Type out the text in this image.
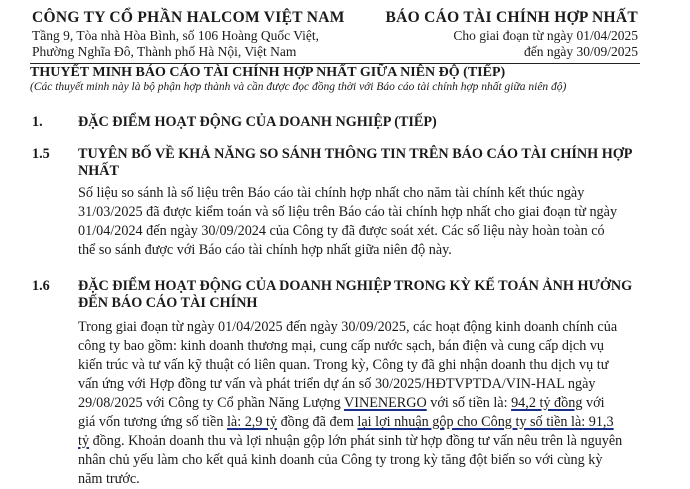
CÔNG TY CỔ PHẦN HALCOM VIỆT NAM
Tầng 9, Tòa nhà Hòa Bình, số 106 Hoàng Quốc Việt,
Phường Nghĩa Đô, Thành phố Hà Nội, Việt Nam
BÁO CÁO TÀI CHÍNH HỢP NHẤT
Cho giai đoạn từ ngày 01/04/2025
đến ngày 30/09/2025
THUYẾT MINH BÁO CÁO TÀI CHÍNH HỢP NHẤT GIỮA NIÊN ĐỘ (TIẾP)
(Các thuyết minh này là bộ phận hợp thành và cần được đọc đồng thời với Báo cáo tài chính hợp nhất giữa niên độ)
1. ĐẶC ĐIỂM HOẠT ĐỘNG CỦA DOANH NGHIỆP (TIẾP)
1.5 TUYÊN BỐ VỀ KHẢ NĂNG SO SÁNH THÔNG TIN TRÊN BÁO CÁO TÀI CHÍNH HỢP
NHẤT
Số liệu so sánh là số liệu trên Báo cáo tài chính hợp nhất cho năm tài chính kết thúc ngày
31/03/2025 đã được kiểm toán và số liệu trên Báo cáo tài chính hợp nhất cho giai đoạn từ ngày
01/04/2024 đến ngày 30/09/2024 của Công ty đã được soát xét. Các số liệu này hoàn toàn có
thể so sánh được với Báo cáo tài chính hợp nhất giữa niên độ này.
1.6 ĐẶC ĐIỂM HOẠT ĐỘNG CỦA DOANH NGHIỆP TRONG KỲ KẾ TOÁN ẢNH HƯỞNG
ĐẾN BÁO CÁO TÀI CHÍNH
Trong giai đoạn từ ngày 01/04/2025 đến ngày 30/09/2025, các hoạt động kinh doanh chính của
công ty bao gồm: kinh doanh thương mại, cung cấp nước sạch, bán điện và cung cấp dịch vụ
kiến trúc và tư vấn kỹ thuật có liên quan. Trong kỳ, Công ty đã ghi nhận doanh thu dịch vụ tư
vấn ứng với Hợp đồng tư vấn và phát triển dự án số 30/2025/HĐTVPTDA/VIN-HAL ngày
29/08/2025 với Công ty Cổ phần Năng Lượng VINENERGO với số tiền là: 94,2 tỷ đồng với
giá vốn tương ứng số tiền là: 2,9 tỷ đồng đã đem lại lợi nhuận gộp cho Công ty số tiền là: 91,3
tỷ đồng. Khoản doanh thu và lợi nhuận gộp lớn phát sinh từ hợp đồng tư vấn nêu trên là nguyên
nhân chủ yếu làm cho kết quả kinh doanh của Công ty trong kỳ tăng đột biến so với cùng kỳ
năm trước.
